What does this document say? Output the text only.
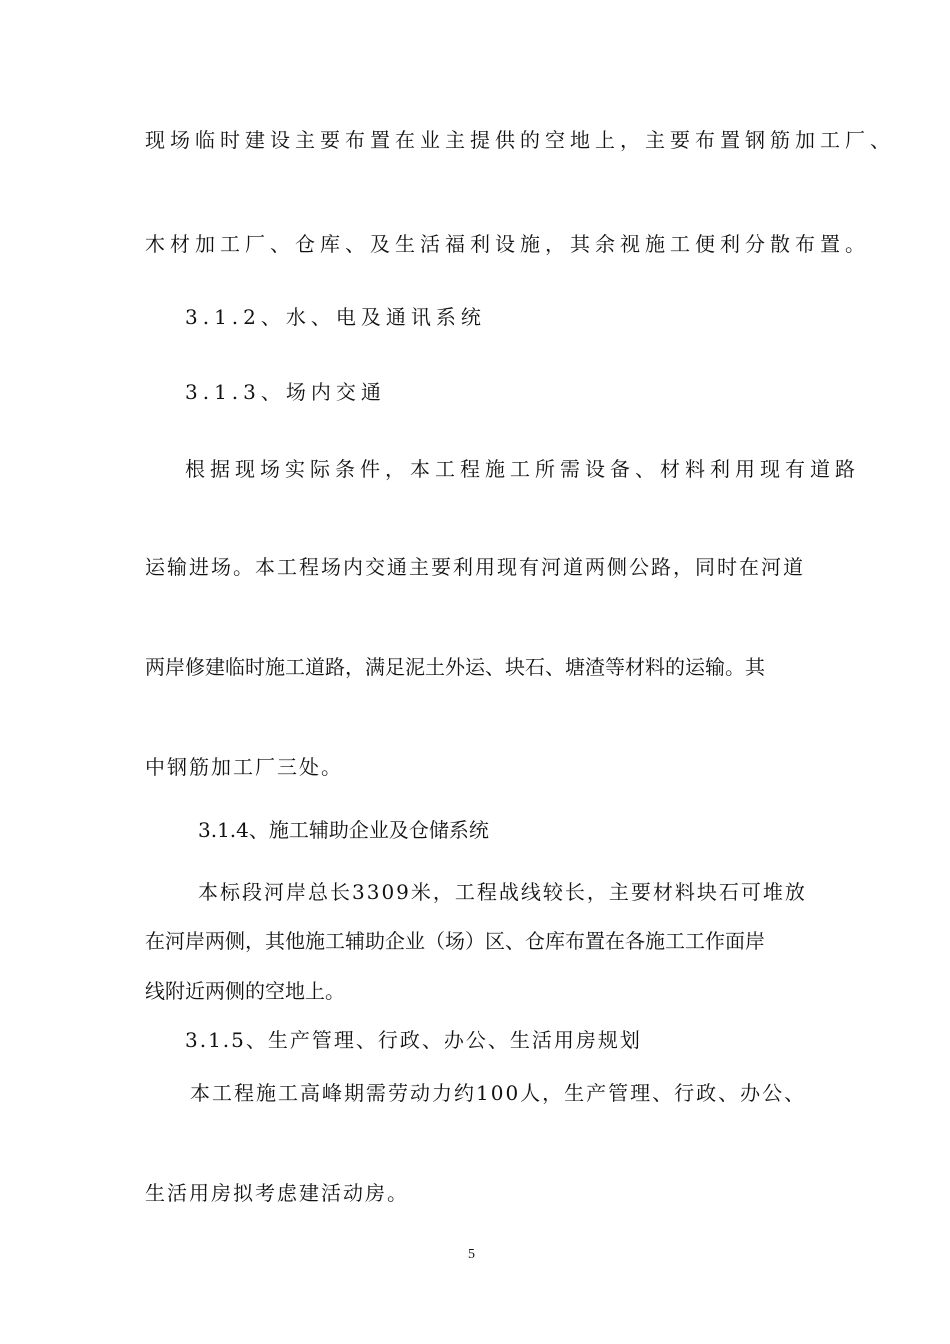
现场临时建设主要布置在业主提供的空地上，主要布置钢筋加工厂、

木材加工厂、仓库、及生活福利设施，其余视施工便利分散布置。

3.1.2、水、电及通讯系统

3.1.3、场内交通

根据现场实际条件，本工程施工所需设备、材料利用现有道路

运输进场。本工程场内交通主要利用现有河道两侧公路，同时在河道

两岸修建临时施工道路，满足泥土外运、块石、塘渣等材料的运输。其

中钢筋加工厂三处。

3.1.4、施工辅助企业及仓储系统

本标段河岸总长3309米，工程战线较长，主要材料块石可堆放

在河岸两侧，其他施工辅助企业（场）区、仓库布置在各施工工作面岸

线附近两侧的空地上。

3.1.5、生产管理、行政、办公、生活用房规划

本工程施工高峰期需劳动力约100人，生产管理、行政、办公、

生活用房拟考虑建活动房。

5
